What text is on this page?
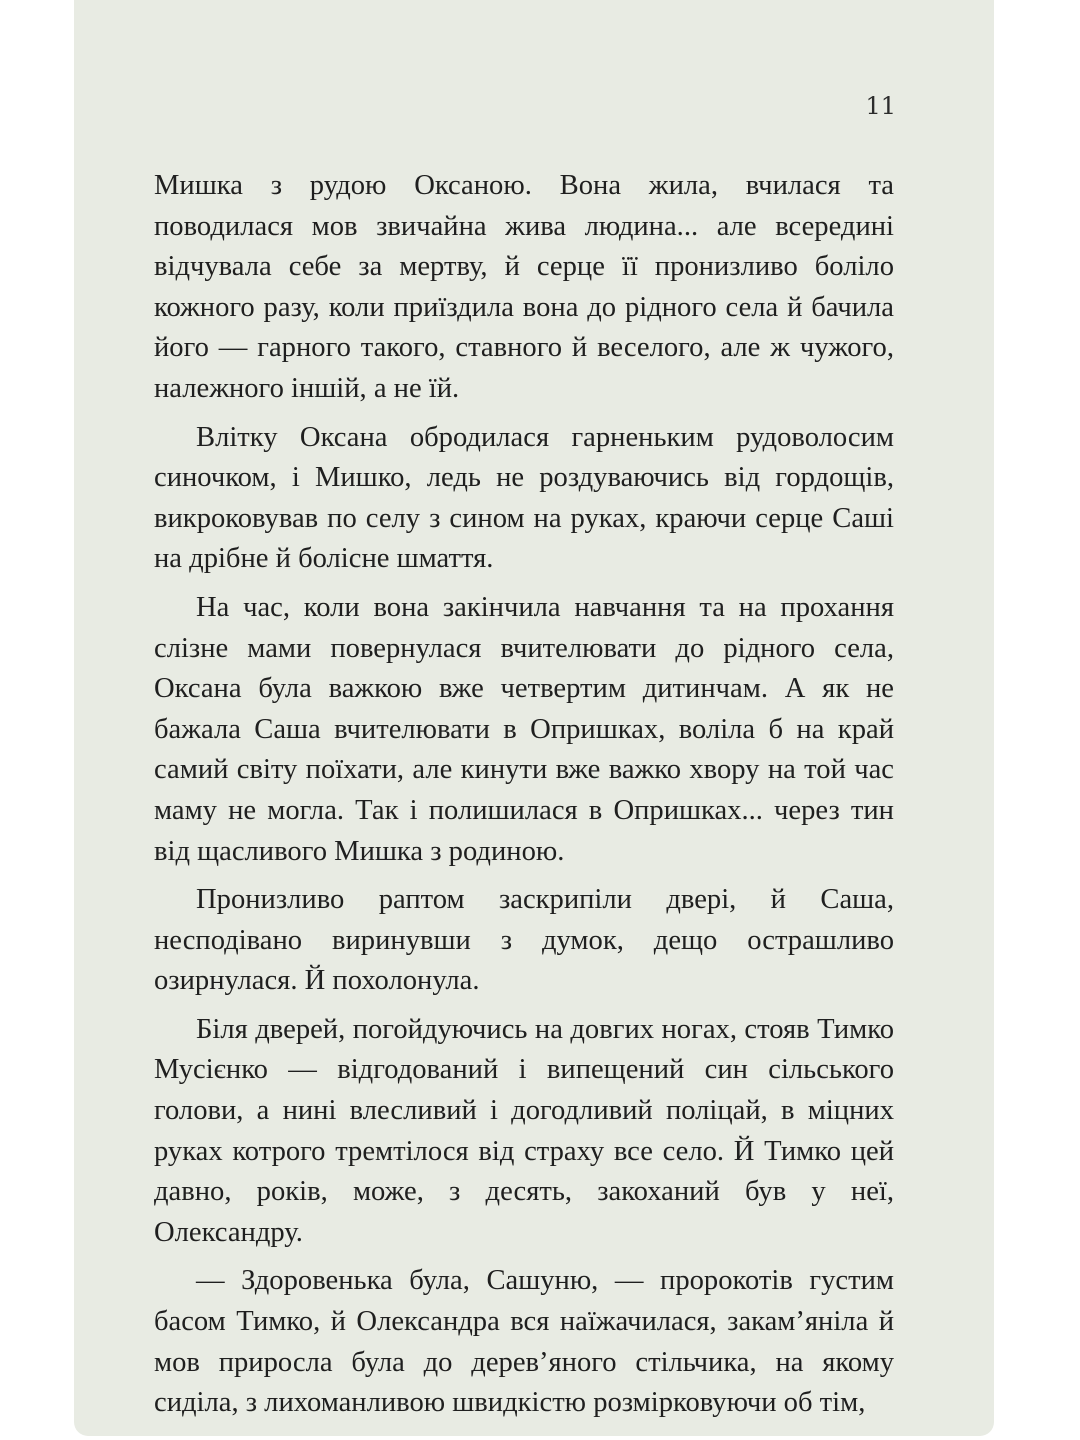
11

Мишка з рудою Оксаною. Вона жила, вчилася та поводилася мов звичайна жива людина... але всередині відчувала себе за мертву, й серце її пронизливо боліло кожного разу, коли приїздила вона до рідного села й бачила його — гарного такого, ставного й веселого, але ж чужого, належного іншій, а не їй.

Влітку Оксана обродилася гарненьким рудоволосим синочком, і Мишко, ледь не роздуваючись від гордощів, викроковував по селу з сином на руках, краючи серце Саші на дрібне й болісне шмаття.

На час, коли вона закінчила навчання та на прохання слізне мами повернулася вчителювати до рідного села, Оксана була важкою вже четвертим дитинчам. А як не бажала Саша вчителювати в Опришках, воліла б на край самий світу поїхати, але кинути вже важко хвору на той час маму не могла. Так і полишилася в Опришках... через тин від щасливого Мишка з родиною.

Пронизливо раптом заскрипіли двері, й Саша, несподівано виринувши з думок, дещо острашливо озирнулася. Й похолонула.

Біля дверей, погойдуючись на довгих ногах, стояв Тимко Мусієнко — відгодований і випещений син сільського голови, а нині влесливий і догодливий поліцай, в міцних руках котрого тремтілося від страху все село. Й Тимко цей давно, років, може, з десять, закоханий був у неї, Олександру.

— Здоровенька була, Сашуню, — пророкотів густим басом Тимко, й Олександра вся наїжачилася, закам’яніла й мов приросла була до дерев’яного стільчика, на якому сиділа, з лихоманливою швидкістю розмірковуючи об тім,
